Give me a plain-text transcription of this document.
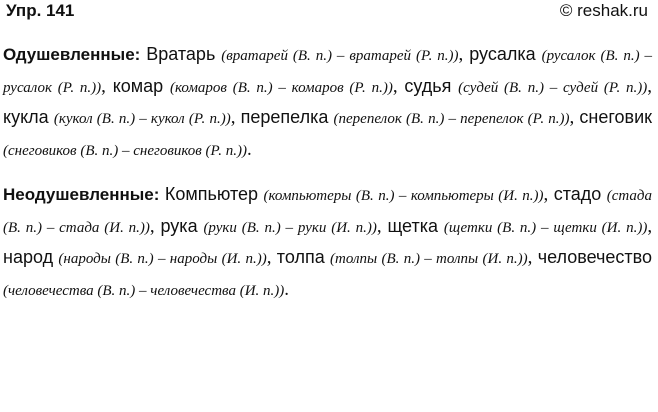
Упр. 141	© reshak.ru

Одушевленные: Вратарь (вратарей (В. п.) – вратарей (Р. п.)), русалка (русалок (В. п.) – русалок (Р. п.)), комар (комаров (В. п.) – комаров (Р. п.)), судья (судей (В. п.) – судей (Р. п.)), кукла (кукол (В. п.) – кукол (Р. п.)), перепелка (перепелок (В. п.) – перепелок (Р. п.)), снеговик (снеговиков (В. п.) – снеговиков (Р. п.)).

Неодушевленные: Компьютер (компьютеры (В. п.) – компьютеры (И. п.)), стадо (стада (В. п.) – стада (И. п.)), рука (руки (В. п.) – руки (И. п.)), щетка (щетки (В. п.) – щетки (И. п.)), народ (народы (В. п.) – народы (И. п.)), толпа (толпы (В. п.) – толпы (И. п.)), человечество (человечества (В. п.) – человечества (И. п.)).
